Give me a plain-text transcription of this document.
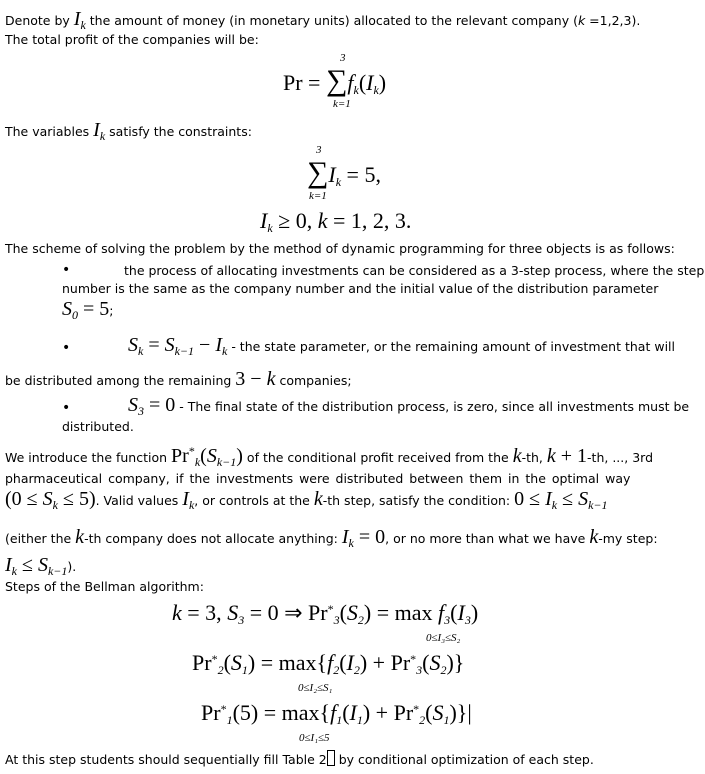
Denote by $I_k$ the amount of money (in monetary units) allocated to the relevant company (k =1,2,3).
The total profit of the companies will be:
3
$Pr = \sum f_k(I_k)$
k=1
The variables $I_k$ satisfy the constraints:
3
$\sum I_k = 5$,
k=1
$I_k \ge 0$, k = 1, 2, 3.
The scheme of solving the problem by the method of dynamic programming for three objects is as follows:
•	the process of allocating investments can be considered as a 3-step process, where the step
number is the same as the company number and the initial value of the distribution parameter
S0 = 5;
•	$S_k = S_{k-1} - I_k$ - the state parameter, or the remaining amount of investment that will
be distributed among the remaining 3 − k companies;
•	S3 = 0 - The final state of the distribution process, is zero, since all investments must be
distributed.
We introduce the function $Pr*k(S_{k-1})$ of the conditional profit received from the k-th, k + 1-th, ..., 3rd
pharmaceutical company, if the investments were distributed between them in the optimal way
$(0 \le S_k \le 5)$. Valid values $I_k$, or controls at the k-th step, satisfy the condition: $0 \le I_k \le S_{k-1}$
(either the k-th company does not allocate anything: $I_k = 0$, or no more than what we have k-my step:
$I_k \le S_{k-1}$).
Steps of the Bellman algorithm:
k = 3, $S_3 = 0$ ⇒ $Pr^*_3(S_2) = \max f_3(I_3)$
0≤I₃≤S₂
$Pr^*_2(S_1) = \max\{f_2(I_2) + Pr^*_3(S_2)\}$
0≤I₂≤S₁
$Pr^*_1(5) = \max\{f_1(I_1) + Pr^*_2(S_1)\}|$
0≤I₁≤5
At this step students should sequentially fill Table 2 by conditional optimization of each step.
